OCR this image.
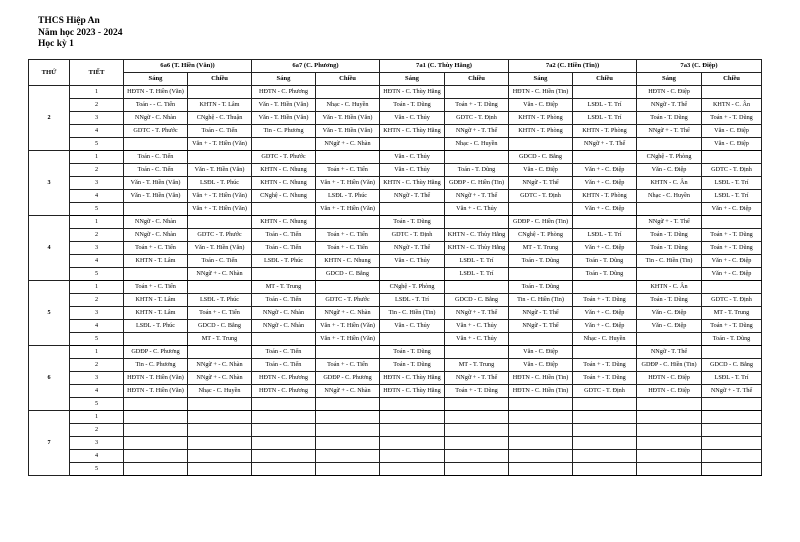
THCS Hiệp An
Năm học 2023 - 2024
Học kỳ 1
THỨ	TIẾT	6a6 (T. Hiền (Văn))		6a7 (C. Phương)		7a1 (C. Thùy Hằng)		7a2 (C. Hiền (Tin))		7a3 (C. Điệp)	
		Sáng	Chiều	Sáng	Chiều	Sáng	Chiều	Sáng	Chiều	Sáng	Chiều
2	1	HĐTN - T. Hiền (Văn)		HĐTN - C. Phương		HĐTN - C. Thùy Hằng		HĐTN - C. Hiền (Tin)		HĐTN - C. Điệp	
	2	Toán - - C. Tiến	KHTN - T. Lâm	Văn - T. Hiền (Văn)	Nhạc - C. Huyền	Toán - T. Dũng	Toán + - T. Dũng	Văn - C. Điệp	LSĐL - T. Trí	NNgữ - T. Thể	KHTN - C. Ân
	3	NNgữ - C. Nhàn	CNghệ - C. Thuận	Văn - T. Hiền (Văn)	Văn - T. Hiền (Văn)	Văn - C. Thủy	GDTC - T. Định	KHTN - T. Phòng	LSĐL - T. Trí	Toán - T. Dũng	Toán + - T. Dũng
	4	GDTC - T. Phước	Toán - C. Tiến	Tin - C. Phương	Văn - T. Hiền (Văn)	KHTN - C. Thùy Hằng	NNgữ + - T. Thể	KHTN - T. Phòng	KHTN - T. Phòng	NNgữ + - T. Thể	Văn - C. Điệp
	5		Văn + - T. Hiền (Văn)		NNgữ + - C. Nhàn		Nhạc - C. Huyền		NNgữ + - T. Thể		Văn - C. Điệp
3	1	Toán - C. Tiến		GDTC - T. Phước		Văn - C. Thủy		GDCD - C. Bằng		CNghệ - T. Phòng	
	2	Toán - C. Tiến	Văn - T. Hiền (Văn)	KHTN - C. Nhung	Toán + - C. Tiến	Văn - C. Thủy	Toán - T. Dũng	Văn - C. Điệp	Văn + - C. Điệp	Văn - C. Điệp	GDTC - T. Định
	3	Văn - T. Hiền (Văn)	LSĐL - T. Phúc	KHTN - C. Nhung	Văn + - T. Hiền (Văn)	KHTN - C. Thùy Hằng	GDĐP - C. Hiền (Tin)	NNgữ - T. Thể	Văn + - C. Điệp	KHTN - C. Ân	LSĐL - T. Trí
	4	Văn - T. Hiền (Văn)	Văn + - T. Hiền (Văn)	CNghệ - C. Nhung	LSĐL - T. Phúc	NNgữ - T. Thể	NNgữ + - T. Thể	GDTC - T. Định	KHTN - T. Phòng	Nhạc - C. Huyền	LSĐL - T. Trí
	5		Văn + - T. Hiền (Văn)		Văn + - T. Hiền (Văn)		Văn + - C. Thủy		Văn + - C. Điệp		Văn + - C. Điệp
4	1	NNgữ - C. Nhàn		KHTN - C. Nhung		Toán - T. Dũng		GDĐP - C. Hiền (Tin)		NNgữ + - T. Thể	
	2	NNgữ - C. Nhàn	GDTC - T. Phước	Toán - C. Tiến	Toán + - C. Tiến	GDTC - T. Định	KHTN - C. Thùy Hằng	CNghệ - T. Phòng	LSĐL - T. Trí	Toán - T. Dũng	Toán + - T. Dũng
	3	Toán + - C. Tiến	Văn - T. Hiền (Văn)	Toán - C. Tiến	Toán + - C. Tiến	NNgữ - T. Thể	KHTN - C. Thùy Hằng	MT - T. Trung	Văn + - C. Điệp	Toán - T. Dũng	Toán + - T. Dũng
	4	KHTN - T. Lâm	Toán - C. Tiến	LSĐL - T. Phúc	KHTN - C. Nhung	Văn - C. Thủy	LSĐL - T. Trí	Toán - T. Dũng	Toán - T. Dũng	Tin - C. Hiền (Tin)	Văn + - C. Điệp
	5		NNgữ + - C. Nhàn		GDCD - C. Bằng		LSĐL - T. Trí		Toán - T. Dũng		Văn + - C. Điệp
5	1	Toán + - C. Tiến		MT - T. Trung		CNghệ - T. Phòng		Toán - T. Dũng		KHTN - C. Ân	
	2	KHTN - T. Lâm	LSĐL - T. Phúc	Toán - C. Tiến	GDTC - T. Phước	LSĐL - T. Trí	GDCD - C. Bằng	Tin - C. Hiền (Tin)	Toán + - T. Dũng	Toán - T. Dũng	GDTC - T. Định
	3	KHTN - T. Lâm	Toán + - C. Tiến	NNgữ - C. Nhàn	NNgữ + - C. Nhàn	Tin - C. Hiền (Tin)	NNgữ + - T. Thể	NNgữ - T. Thể	Văn + - C. Điệp	Văn - C. Điệp	MT - T. Trung
	4	LSĐL - T. Phúc	GDCD - C. Bằng	NNgữ - C. Nhàn	Văn + - T. Hiền (Văn)	Văn - C. Thủy	Văn + - C. Thủy	NNgữ - T. Thể	Văn + - C. Điệp	Văn - C. Điệp	Toán + - T. Dũng
	5		MT - T. Trung		Văn + - T. Hiền (Văn)		Văn + - C. Thủy		Nhạc - C. Huyền		Toán - T. Dũng
6	1	GDĐP - C. Phương		Toán - C. Tiến		Toán - T. Dũng		Văn - C. Điệp		NNgữ - T. Thể	
	2	Tin - C. Phương	NNgữ + - C. Nhàn	Toán - C. Tiến	Toán + - C. Tiến	Toán - T. Dũng	MT - T. Trung	Văn - C. Điệp	Toán + - T. Dũng	GDĐP - C. Hiền (Tin)	GDCD - C. Bằng
	3	HĐTN - T. Hiền (Văn)	NNgữ + - C. Nhàn	HĐTN - C. Phương	GDĐP - C. Phương	HĐTN - C. Thùy Hằng	NNgữ + - T. Thể	HĐTN - C. Hiền (Tin)	Toán + - T. Dũng	HĐTN - C. Điệp	LSĐL - T. Trí
	4	HĐTN - T. Hiền (Văn)	Nhạc - C. Huyền	HĐTN - C. Phương	NNgữ + - C. Nhàn	HĐTN - C. Thùy Hằng	Toán + - T. Dũng	HĐTN - C. Hiền (Tin)	GDTC - T. Định	HĐTN - C. Điệp	NNgữ + - T. Thể
	5										
7	1										
	2										
	3										
	4										
	5										
